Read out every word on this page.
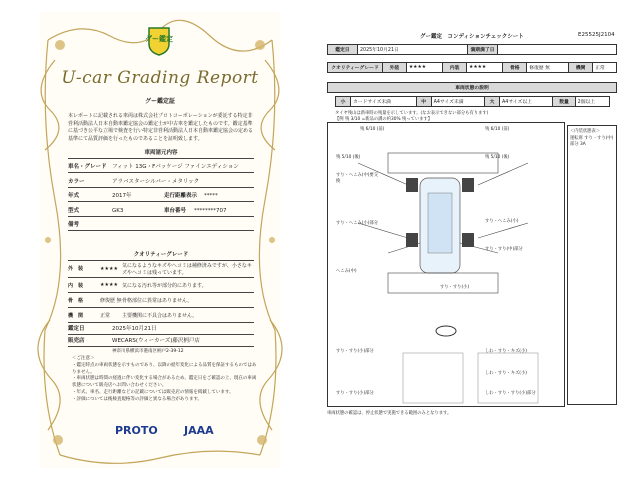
グー鑑定
U-car Grading Report
グー鑑定証
本レポートに記載される車両は株式会社プロトコーポレーションが委託する特定非営利活動法人日本自動車鑑定協会の鑑定士が中古車を鑑定したものです。鑑定基準に基づき公平な立場で検査を行い特定非営利活動法人日本自動車鑑定協会の定める基準にて品質評価を行ったものであることを証明致します。
車両諸元内容
車名・グレード フィット 13G・Fパッケージ ファインエディション
カラー	アラバスターシルバー・メタリック
年式	2017年	走行距離表示	*****
型式	GK3	車台番号	********707
備考
クオリティーグレード
外　装	★★★★ 気になるようなキズやへコミは補修済みですが、小さなキズやへコミは残っています。
内　装	★★★★ 気になる汚れ等が部分的にあります。
骨　格	修復歴 無 骨格部位に異常はありません。
機　関	正常	主要機関に不具合はありません。
鑑定日	2025年10月21日
販売店	WECARS(ウィーカーズ)藤沢柄戸店
神奈川県横浜市港南区柄戸2-39-12
＜ご注意＞
・鑑定時点の車両状態を示すものであり、以降の経年変化による品質を保証するものではありません。
・車両状態は時間の経過に伴い変化する場合があるため、鑑定日をご確認の上、現在の車両状態について販売店へお問い合わせください。
・年式、車名、走行距離などの記載については販売店の情報を掲載しています。
・評価については後検査規格等の評価と異なる場合があります。
PROTO JAAA
グー鑑定　コンディションチェックシート	E25525J2104
鑑定日	2025年10月21日	満期満了日	
クオリティーグレード	外装	★★★★	内装	★★★★	骨格	修復歴 無	機関	正常
車両状態の説明
小	カードサイズ未満	中	A4サイズ未満	大	A4サイズ以上	数量	2個以上
タイヤ残山は新車時の残量を示しています。(なお表示できない部分も有ります)
【例 残 3/10 =新品の溝の約30% 残っています】
残 6/10 (前)	残 6/10 (前)
残 5/10 (後)	残 5/10 (後)
すり・へこみ(中)要交換
すり・へこみ(小)部分	すり・へこみ(小)
へこみ(中)
すり・すり(小)
すり・すり(中)部分
すり・すり(小)部分	しわ・すり・キズ(小)
しわ・すり・キズ(小)
しわ・すり・すり(小)部分
すり・すり(小)部分
＜内装状態表＞
運転席 すり・すり(中)部分 3A
車両状態の確認は、停止状態で実施できる範囲のみとなります。
